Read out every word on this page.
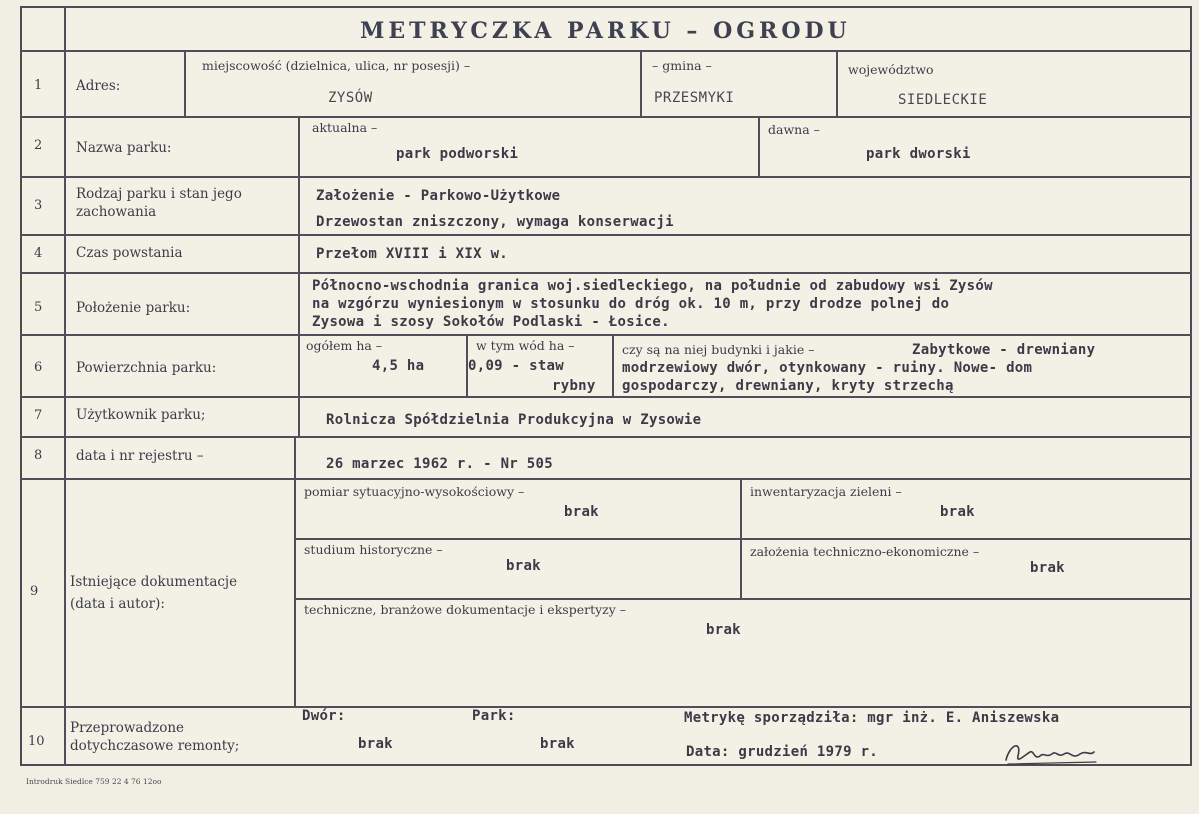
METRYCZKA PARKU – OGRODU
1 Adres:
miejscowość (dzielnica, ulica, nr posesji) –
ZYSÓW
– gmina –
PRZESMYKI
województwo
SIEDLECKIE
2 Nazwa parku:
aktualna –
park podworski
dawna –
park dworski
3
Rodzaj parku i stan jego
zachowania
Założenie - Parkowo-Użytkowe
Drzewostan zniszczony, wymaga konserwacji
4 Czas powstania	Przełom XVIII i XIX w.
5 Położenie parku:
Północno-wschodnia granica woj.siedleckiego, na południe od zabudowy wsi Zysów
na wzgórzu wyniesionym w stosunku do dróg ok. 10 m, przy drodze polnej do
Zysowa i szosy Sokołów Podlaski - Łosice.
6 Powierzchnia parku:
ogółem ha –
4,5 ha
w tym wód ha –
0,09 - staw
rybny
czy są na niej budynki i jakie –	Zabytkowe - drewniany
modrzewiowy dwór, otynkowany - ruiny. Nowe- dom
gospodarczy, drewniany, kryty strzechą
7 Użytkownik parku;	Rolnicza Spółdzielnia Produkcyjna w Zysowie
8 data i nr rejestru –	26 marzec 1962 r. - Nr 505
9
Istniejące dokumentacje
(data i autor):
pomiar sytuacyjno-wysokościowy –
brak
inwentaryzacja zieleni –
brak
studium historyczne –
brak
założenia techniczno-ekonomiczne –
brak
techniczne, branżowe dokumentacje i ekspertyzy –
brak
10
Przeprowadzone
dotychczasowe remonty;
Dwór:
brak
Park:
brak
Metrykę sporządziła: mgr inż. E. Aniszewska
Data: grudzień 1979 r.
Introdruk Siedlce 759 22 4 76 12oo
